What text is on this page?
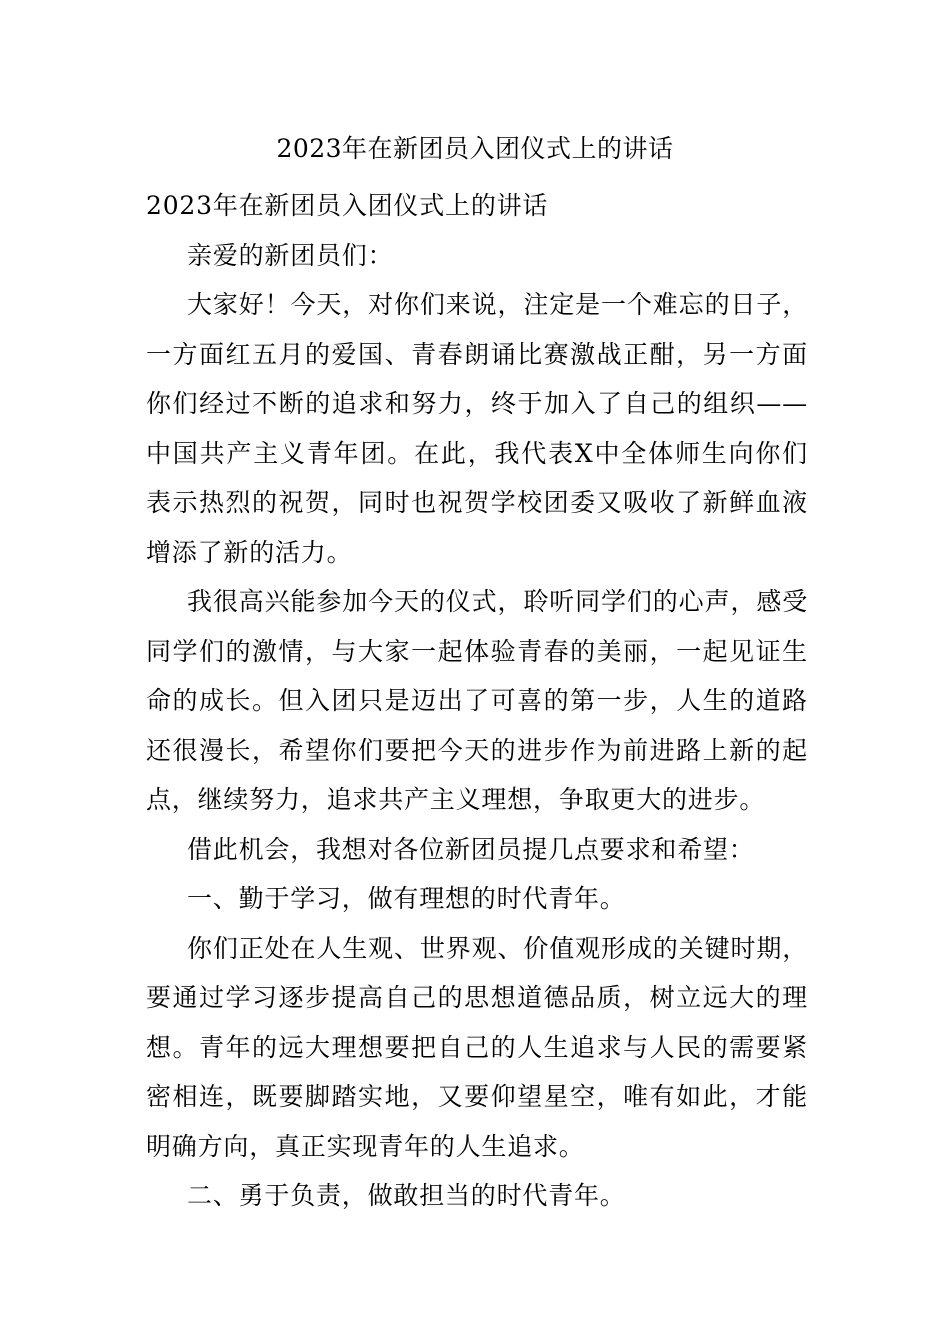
2023年在新团员入团仪式上的讲话

2023年在新团员入团仪式上的讲话

亲爱的新团员们：

大家好！今天，对你们来说，注定是一个难忘的日子，一方面红五月的爱国、青春朗诵比赛激战正酣，另一方面你们经过不断的追求和努力，终于加入了自己的组织——中国共产主义青年团。在此，我代表X中全体师生向你们表示热烈的祝贺，同时也祝贺学校团委又吸收了新鲜血液增添了新的活力。

我很高兴能参加今天的仪式，聆听同学们的心声，感受同学们的激情，与大家一起体验青春的美丽，一起见证生命的成长。但入团只是迈出了可喜的第一步，人生的道路还很漫长，希望你们要把今天的进步作为前进路上新的起点，继续努力，追求共产主义理想，争取更大的进步。

借此机会，我想对各位新团员提几点要求和希望：

一、勤于学习，做有理想的时代青年。

你们正处在人生观、世界观、价值观形成的关键时期，要通过学习逐步提高自己的思想道德品质，树立远大的理想。青年的远大理想要把自己的人生追求与人民的需要紧密相连，既要脚踏实地，又要仰望星空，唯有如此，才能明确方向，真正实现青年的人生追求。

二、勇于负责，做敢担当的时代青年。
